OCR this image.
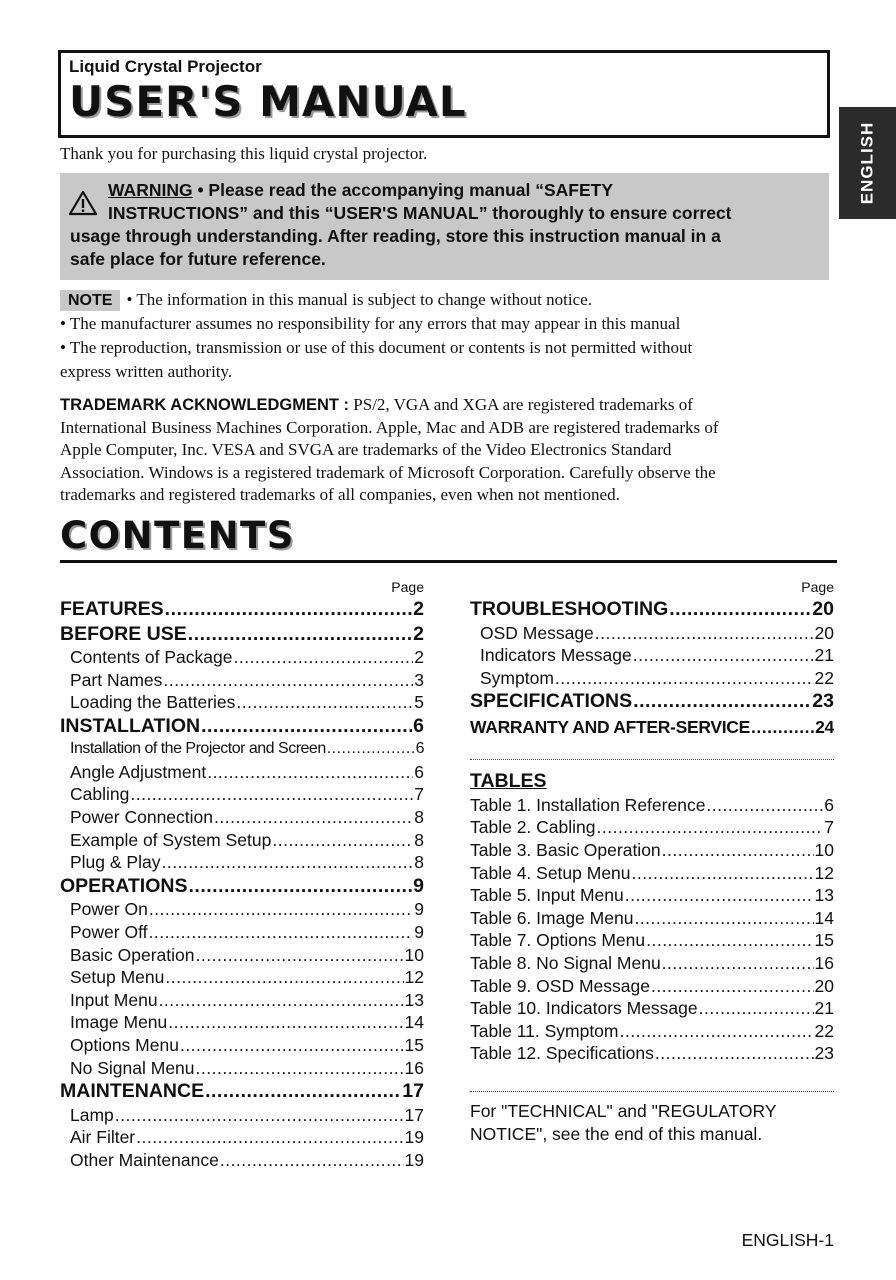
Liquid Crystal Projector
USER'S MANUAL
ENGLISH
Thank you for purchasing this liquid crystal projector.
WARNING • Please read the accompanying manual “SAFETY
INSTRUCTIONS” and this “USER'S MANUAL” thoroughly to ensure correct
usage through understanding. After reading, store this instruction manual in a
safe place for future reference.
NOTE • The information in this manual is subject to change without notice.
• The manufacturer assumes no responsibility for any errors that may appear in this manual
• The reproduction, transmission or use of this document or contents is not permitted without
express written authority.
TRADEMARK ACKNOWLEDGMENT : PS/2, VGA and XGA are registered trademarks of
International Business Machines Corporation. Apple, Mac and ADB are registered trademarks of
Apple Computer, Inc. VESA and SVGA are trademarks of the Video Electronics Standard
Association. Windows is a registered trademark of Microsoft Corporation. Carefully observe the
trademarks and registered trademarks of all companies, even when not mentioned.
CONTENTS
Page
FEATURES .....	2
BEFORE USE .....	2
Contents of Package .....	2
Part Names .....	3
Loading the Batteries .....	5
INSTALLATION .....	6
Installation of the Projector and Screen .....	6
Angle Adjustment .....	6
Cabling .....	7
Power Connection .....	8
Example of System Setup .....	8
Plug & Play .....	8
OPERATIONS .....	9
Power On .....	9
Power Off .....	9
Basic Operation .....	10
Setup Menu .....	12
Input Menu .....	13
Image Menu .....	14
Options Menu .....	15
No Signal Menu .....	16
MAINTENANCE .....	17
Lamp .....	17
Air Filter .....	19
Other Maintenance .....	19
Page
TROUBLESHOOTING .....	20
OSD Message .....	20
Indicators Message .....	21
Symptom .....	22
SPECIFICATIONS .....	23
WARRANTY AND AFTER-SERVICE .....	24
TABLES
Table 1. Installation Reference .....	6
Table 2. Cabling .....	7
Table 3. Basic Operation .....	10
Table 4. Setup Menu .....	12
Table 5. Input Menu .....	13
Table 6. Image Menu .....	14
Table 7. Options Menu .....	15
Table 8. No Signal Menu .....	16
Table 9. OSD Message .....	20
Table 10. Indicators Message .....	21
Table 11. Symptom .....	22
Table 12. Specifications .....	23
For "TECHNICAL" and "REGULATORY
NOTICE", see the end of this manual.
ENGLISH-1
